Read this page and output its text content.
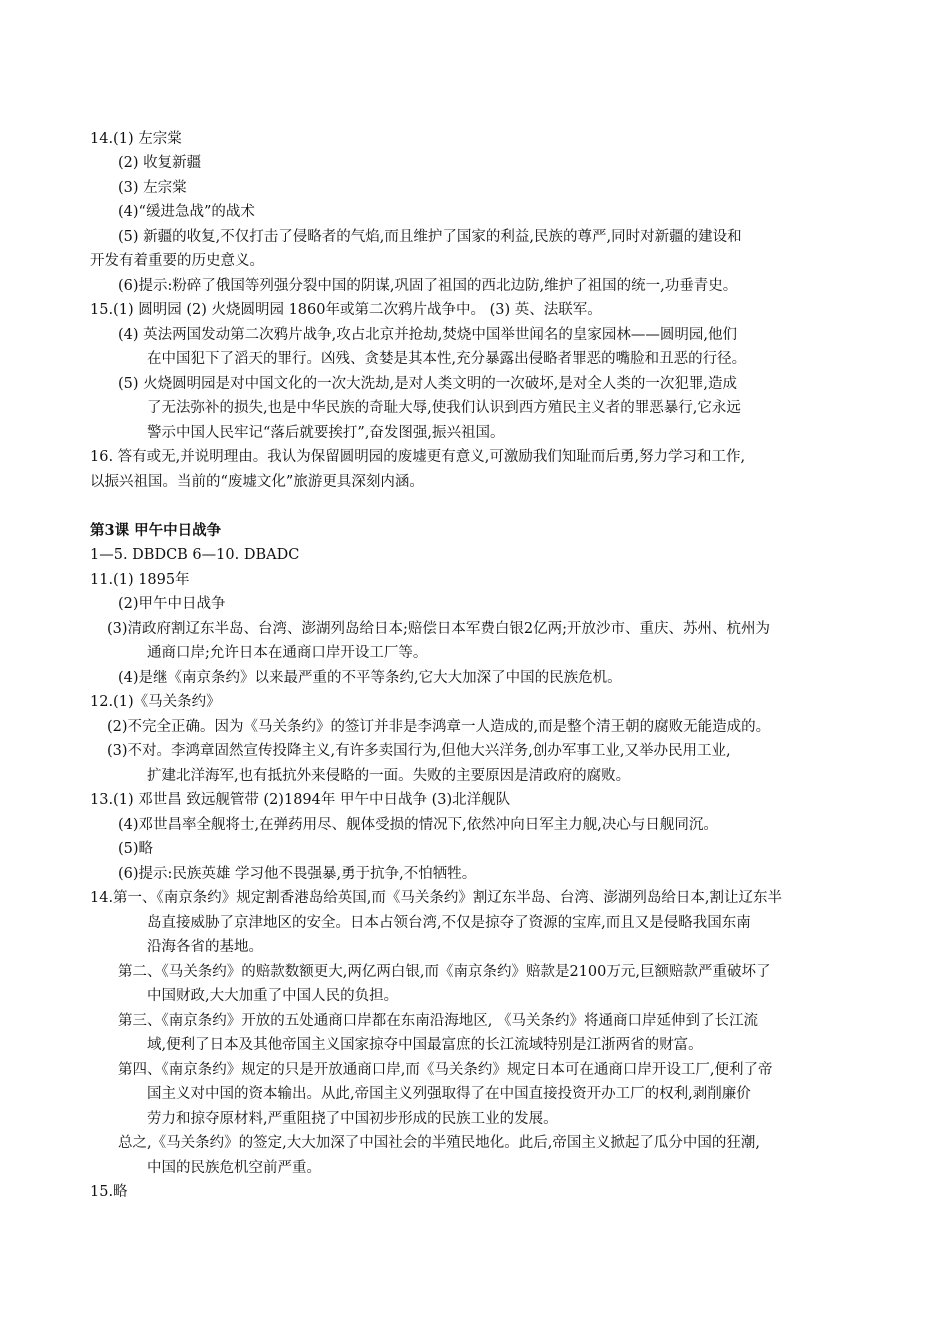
14.(1) 左宗棠
(2) 收复新疆
(3) 左宗棠
(4)“缓进急战”的战术
(5) 新疆的收复,不仅打击了侵略者的气焰,而且维护了国家的利益,民族的尊严,同时对新疆的建设和
开发有着重要的历史意义。
(6)提示:粉碎了俄国等列强分裂中国的阴谋,巩固了祖国的西北边防,维护了祖国的统一,功垂青史。
15.(1) 圆明园 (2) 火烧圆明园 1860年或第二次鸦片战争中。 (3) 英、法联军。
(4) 英法两国发动第二次鸦片战争,攻占北京并抢劫,焚烧中国举世闻名的皇家园林——圆明园,他们
在中国犯下了滔天的罪行。凶残、贪婪是其本性,充分暴露出侵略者罪恶的嘴脸和丑恶的行径。
(5) 火烧圆明园是对中国文化的一次大洗劫,是对人类文明的一次破坏,是对全人类的一次犯罪,造成
了无法弥补的损失,也是中华民族的奇耻大辱,使我们认识到西方殖民主义者的罪恶暴行,它永远
警示中国人民牢记“落后就要挨打”,奋发图强,振兴祖国。
16. 答有或无,并说明理由。我认为保留圆明园的废墟更有意义,可激励我们知耻而后勇,努力学习和工作,
以振兴祖国。当前的“废墟文化”旅游更具深刻内涵。
第3课 甲午中日战争
1—5. DBDCB 6—10. DBADC
11.(1) 1895年
(2)甲午中日战争
(3)清政府割辽东半岛、台湾、澎湖列岛给日本;赔偿日本军费白银2亿两;开放沙市、重庆、苏州、杭州为
通商口岸;允许日本在通商口岸开设工厂等。
(4)是继《南京条约》以来最严重的不平等条约,它大大加深了中国的民族危机。
12.(1)《马关条约》
(2)不完全正确。因为《马关条约》的签订并非是李鸿章一人造成的,而是整个清王朝的腐败无能造成的。
(3)不对。李鸿章固然宣传投降主义,有许多卖国行为,但他大兴洋务,创办军事工业,又举办民用工业,
扩建北洋海军,也有抵抗外来侵略的一面。失败的主要原因是清政府的腐败。
13.(1) 邓世昌 致远舰管带 (2)1894年 甲午中日战争 (3)北洋舰队
(4)邓世昌率全舰将士,在弹药用尽、舰体受损的情况下,依然冲向日军主力舰,决心与日舰同沉。
(5)略
(6)提示:民族英雄 学习他不畏强暴,勇于抗争,不怕牺牲。
14.第一、《南京条约》规定割香港岛给英国,而《马关条约》割辽东半岛、台湾、澎湖列岛给日本,割让辽东半
岛直接威胁了京津地区的安全。日本占领台湾,不仅是掠夺了资源的宝库,而且又是侵略我国东南
沿海各省的基地。
第二、《马关条约》的赔款数额更大,两亿两白银,而《南京条约》赔款是2100万元,巨额赔款严重破坏了
中国财政,大大加重了中国人民的负担。
第三、《南京条约》开放的五处通商口岸都在东南沿海地区, 《马关条约》将通商口岸延伸到了长江流
域,便利了日本及其他帝国主义国家掠夺中国最富庶的长江流域特别是江浙两省的财富。
第四、《南京条约》规定的只是开放通商口岸,而《马关条约》规定日本可在通商口岸开设工厂,便利了帝
国主义对中国的资本输出。从此,帝国主义列强取得了在中国直接投资开办工厂的权利,剥削廉价
劳力和掠夺原材料,严重阻挠了中国初步形成的民族工业的发展。
总之,《马关条约》的签定,大大加深了中国社会的半殖民地化。此后,帝国主义掀起了瓜分中国的狂潮,
中国的民族危机空前严重。
15.略
